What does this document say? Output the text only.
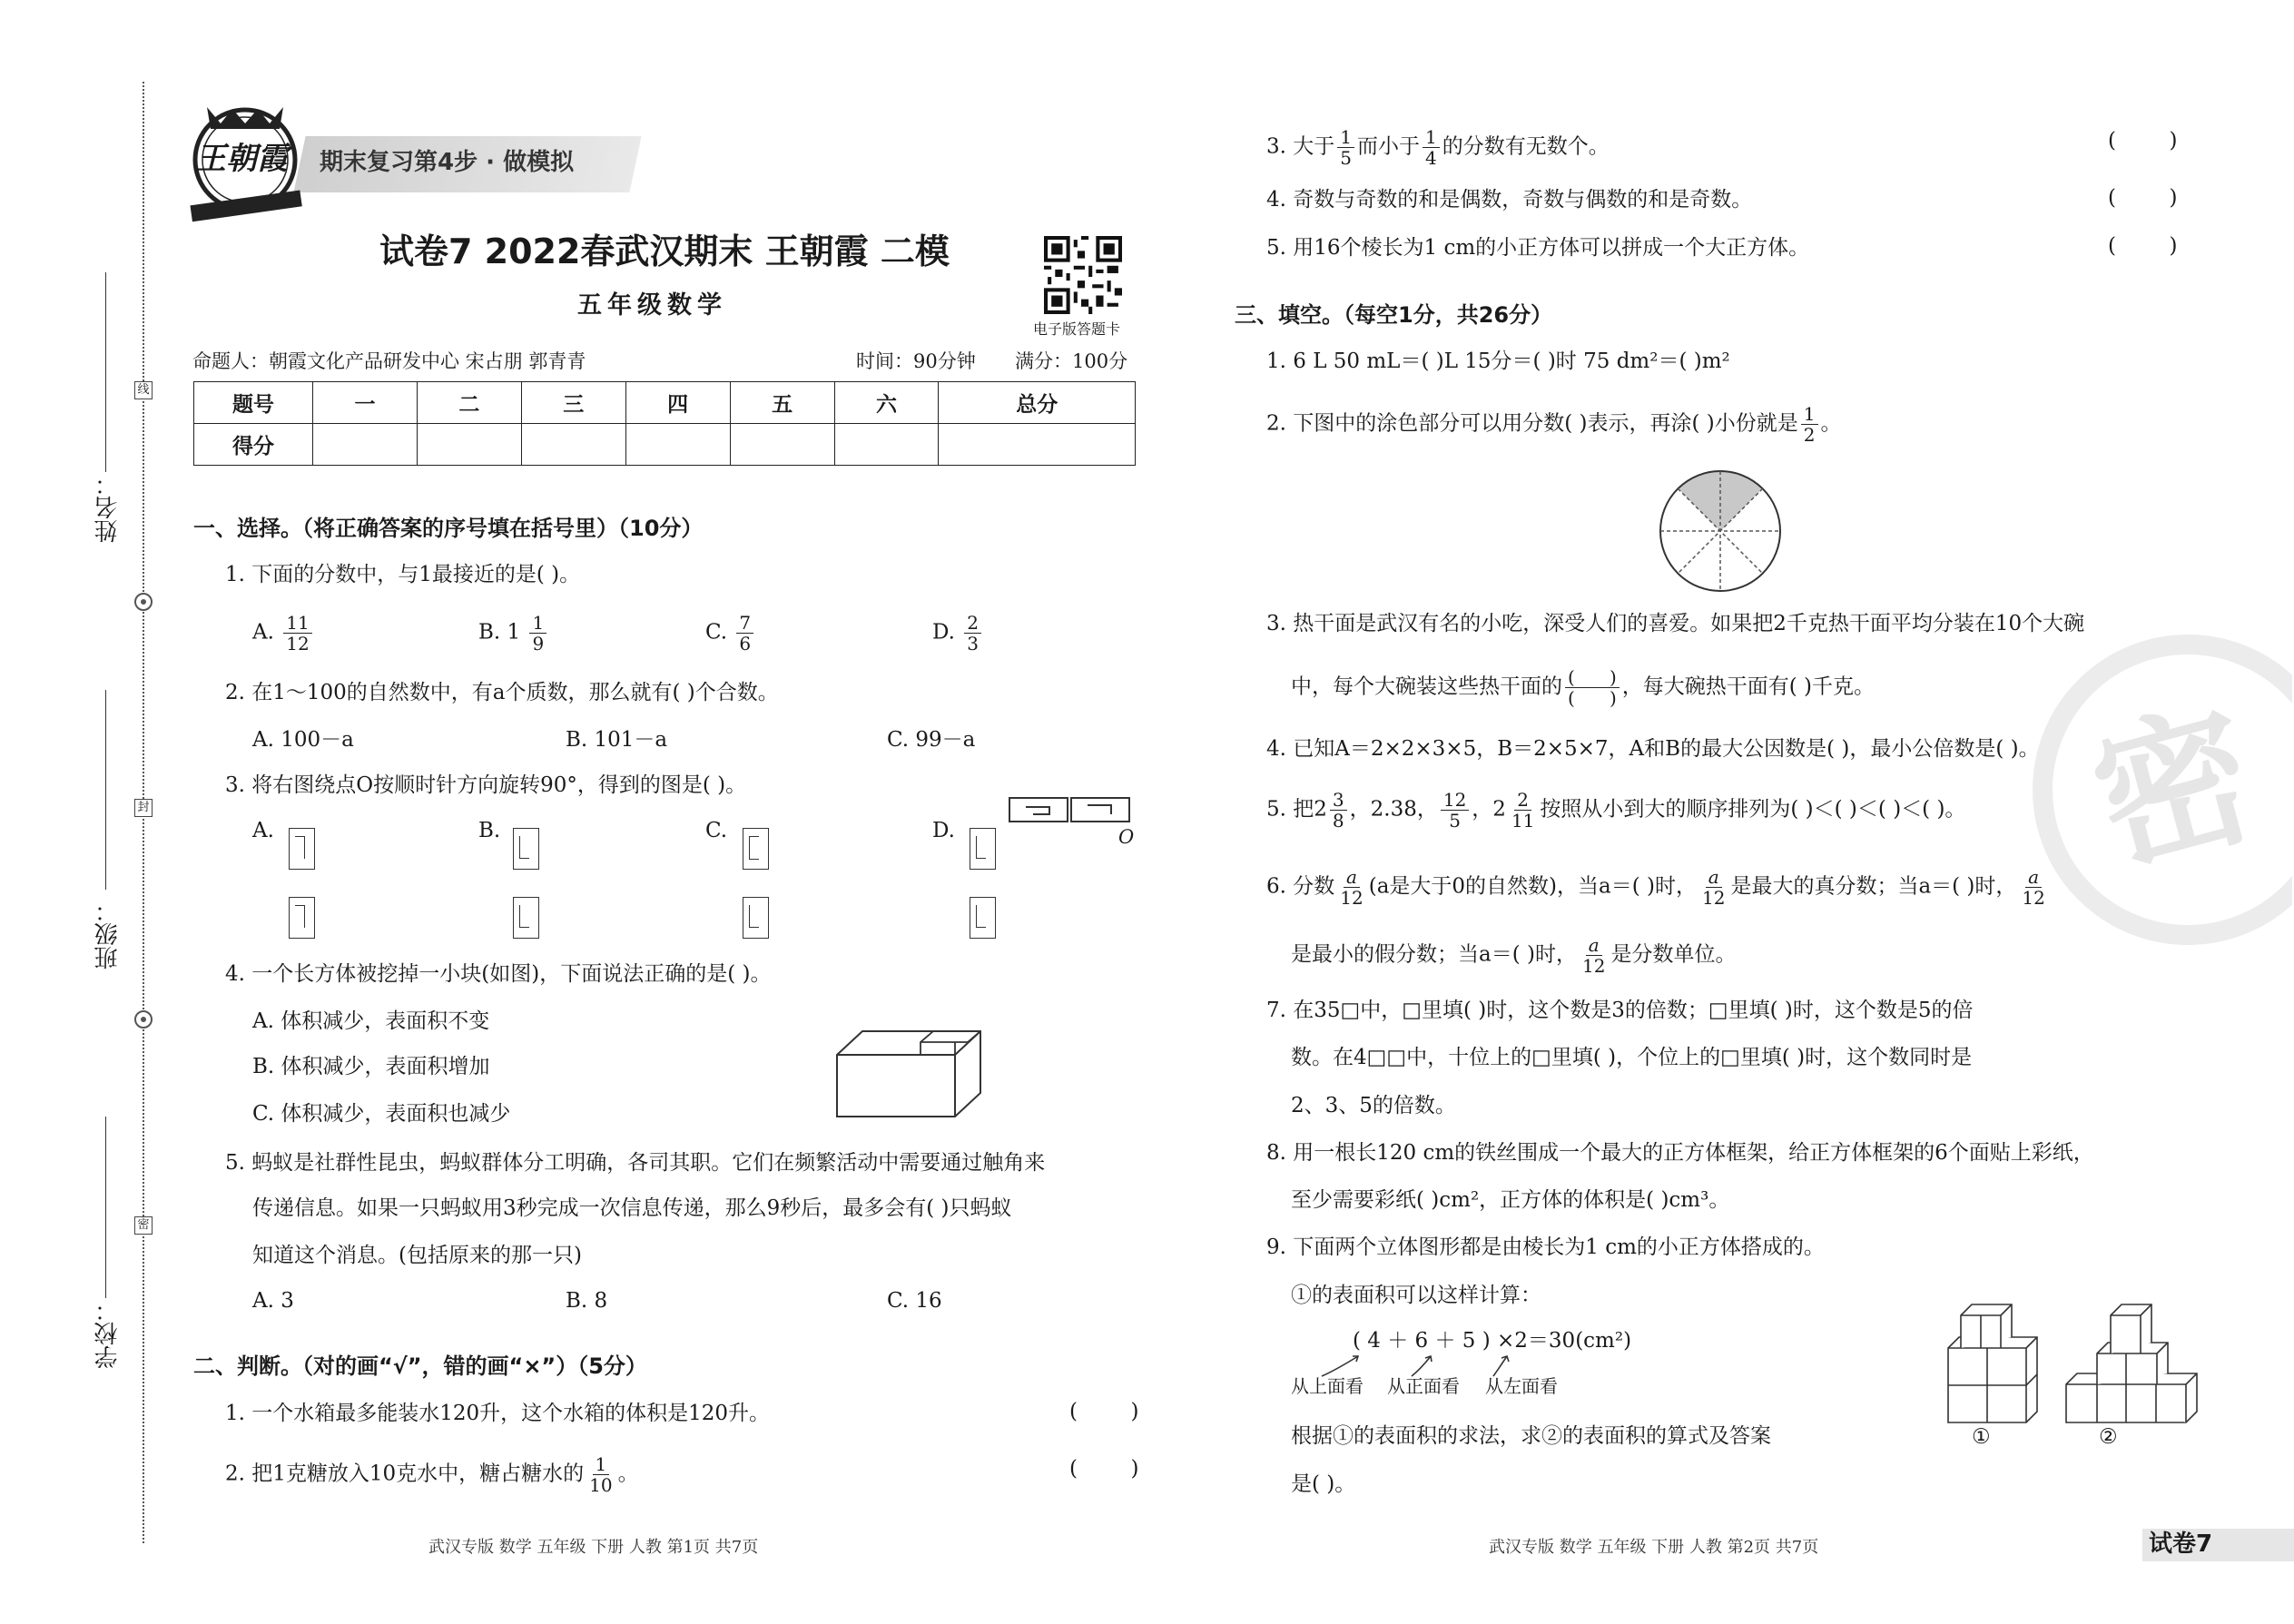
姓名：
班级：
学校：
线
封
密
期末复习第4步 · 做模拟
王朝霞
试卷7 2022春武汉期末 王朝霞 二模
五年级数学
电子版答题卡
命题人：朝霞文化产品研发中心 宋占朋 郭青青	时间：90分钟 满分：100分
题号	一	二	三	四	五	六	总分
得分							
一、选择。（将正确答案的序号填在括号里）（10分）
1. 下面的分数中，与1最接近的是( )。
A. $\frac{11}{12}$	B. $1 \frac{1}{9}$	C. $\frac{7}{6}$	D. $\frac{2}{3}$
2. 在1～100的自然数中，有a个质数，那么就有( )个合数。
A. 100－a	B. 101－a	C. 99－a
3. 将右图绕点O按顺时针方向旋转90°，得到的图是( )。
A.	B.	C.	D.	O
4. 一个长方体被挖掉一小块(如图)，下面说法正确的是( )。
A. 体积减少，表面积不变
B. 体积减少，表面积增加
C. 体积减少，表面积也减少
5. 蚂蚁是社群性昆虫，蚂蚁群体分工明确，各司其职。它们在频繁活动中需要通过触角来
传递信息。如果一只蚂蚁用3秒完成一次信息传递，那么9秒后，最多会有( )只蚂蚁
知道这个消息。(包括原来的那一只)
A. 3	B. 8	C. 16
二、判断。（对的画“√”，错的画“×”）（5分）
1. 一个水箱最多能装水120升，这个水箱的体积是120升。	(        )
2. 把1克糖放入10克水中，糖占糖水的 $\frac{1}{10}$ 。	(        )
3. 大于 $\frac{1}{5}$ 而小于 $\frac{1}{4}$ 的分数有无数个。	(        )
4. 奇数与奇数的和是偶数，奇数与偶数的和是奇数。	(        )
5. 用16个棱长为1 cm的小正方体可以拼成一个大正方体。	(        )
三、填空。（每空1分，共26分）
1. 6 L 50 mL＝( )L 15分＝( )时 75 dm²＝( )m²
2. 下图中的涂色部分可以用分数( )表示，再涂( )小份就是 $\frac{1}{2}$ 。
3. 热干面是武汉有名的小吃，深受人们的喜爱。如果把2千克热干面平均分装在10个大碗
中，每个大碗装这些热干面的 $\frac{( )}{( )}$ ，每大碗热干面有( )千克。
4. 已知A＝2×2×3×5，B＝2×5×7，A和B的最大公因数是( )，最小公倍数是( )。
5. 把$2 \frac{3}{8}$ ，2.38， $\frac{12}{5}$ ，$2 \frac{2}{11}$ 按照从小到大的顺序排列为( )＜( )＜( )＜( )。
6. 分数 $\frac{a}{12} (a$是大于0的自然数)，当a＝( )时， $\frac{a}{12}$ 是最大的真分数；当a＝( )时， $\frac{a}{12}$
是最小的假分数；当a＝( )时， $\frac{a}{12}$ 是分数单位。
7. 在35□中，□里填( )时，这个数是3的倍数；□里填( )时，这个数是5的倍
数。在4□□中，十位上的□里填( )，个位上的□里填( )时，这个数同时是
2、3、5的倍数。
8. 用一根长120 cm的铁丝围成一个最大的正方体框架，给正方体框架的6个面贴上彩纸，
至少需要彩纸( )cm²，正方体的体积是( )cm³。
9. 下面两个立体图形都是由棱长为1 cm的小正方体搭成的。
①的表面积可以这样计算：
( 4 ＋ 6 ＋ 5 ) ×2＝30(cm²)
从上面看 从正面看 从左面看
根据①的表面积的求法，求②的表面积的算式及答案
是( )。
①	②
密
武汉专版 数学 五年级 下册 人教 第1页 共7页	武汉专版 数学 五年级 下册 人教 第2页 共7页	试卷7
